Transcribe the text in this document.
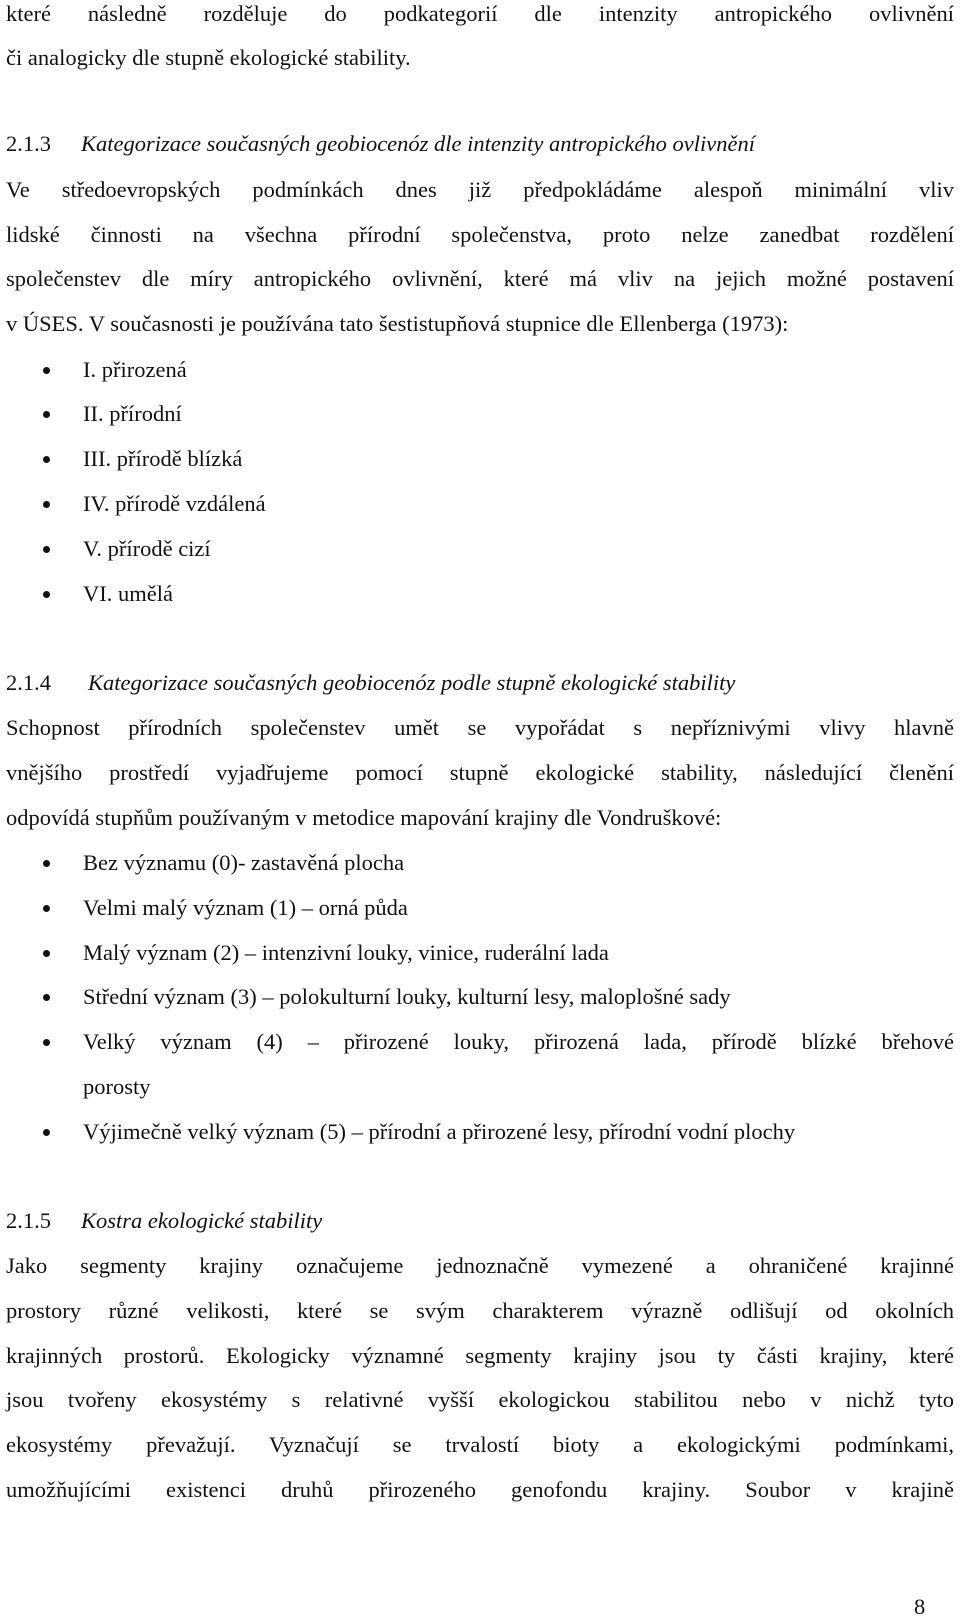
které následně rozděluje do podkategorií dle intenzity antropického ovlivnění
či analogicky dle stupně ekologické stability.
2.1.3 Kategorizace současných geobiocenóz dle intenzity antropického ovlivnění
Ve středoevropských podmínkách dnes již předpokládáme alespoň minimální vliv
lidské činnosti na všechna přírodní společenstva, proto nelze zanedbat rozdělení
společenstev dle míry antropického ovlivnění, které má vliv na jejich možné postavení
v ÚSES. V současnosti je používána tato šestistupňová stupnice dle Ellenberga (1973):
I. přirozená
II. přírodní
III. přírodě blízká
IV. přírodě vzdálená
V. přírodě cizí
VI. umělá
2.1.4 Kategorizace současných geobiocenóz podle stupně ekologické stability
Schopnost přírodních společenstev umět se vypořádat s nepříznivými vlivy hlavně
vnějšího prostředí vyjadřujeme pomocí stupně ekologické stability, následující členění
odpovídá stupňům používaným v metodice mapování krajiny dle Vondruškové:
Bez významu (0)- zastavěná plocha
Velmi malý význam (1) – orná půda
Malý význam (2) – intenzivní louky, vinice, ruderální lada
Střední význam (3) – polokulturní louky, kulturní lesy, maloplošné sady
Velký význam (4) – přirozené louky, přirozená lada, přírodě blízké břehové
porosty
Výjimečně velký význam (5) – přírodní a přirozené lesy, přírodní vodní plochy
2.1.5 Kostra ekologické stability
Jako segmenty krajiny označujeme jednoznačně vymezené a ohraničené krajinné
prostory různé velikosti, které se svým charakterem výrazně odlišují od okolních
krajinných prostorů. Ekologicky významné segmenty krajiny jsou ty části krajiny, které
jsou tvořeny ekosystémy s relativné vyšší ekologickou stabilitou nebo v nichž tyto
ekosystémy převažují. Vyznačují se trvalostí bioty a ekologickými podmínkami,
umožňujícími existenci druhů přirozeného genofondu krajiny. Soubor v krajině
8
